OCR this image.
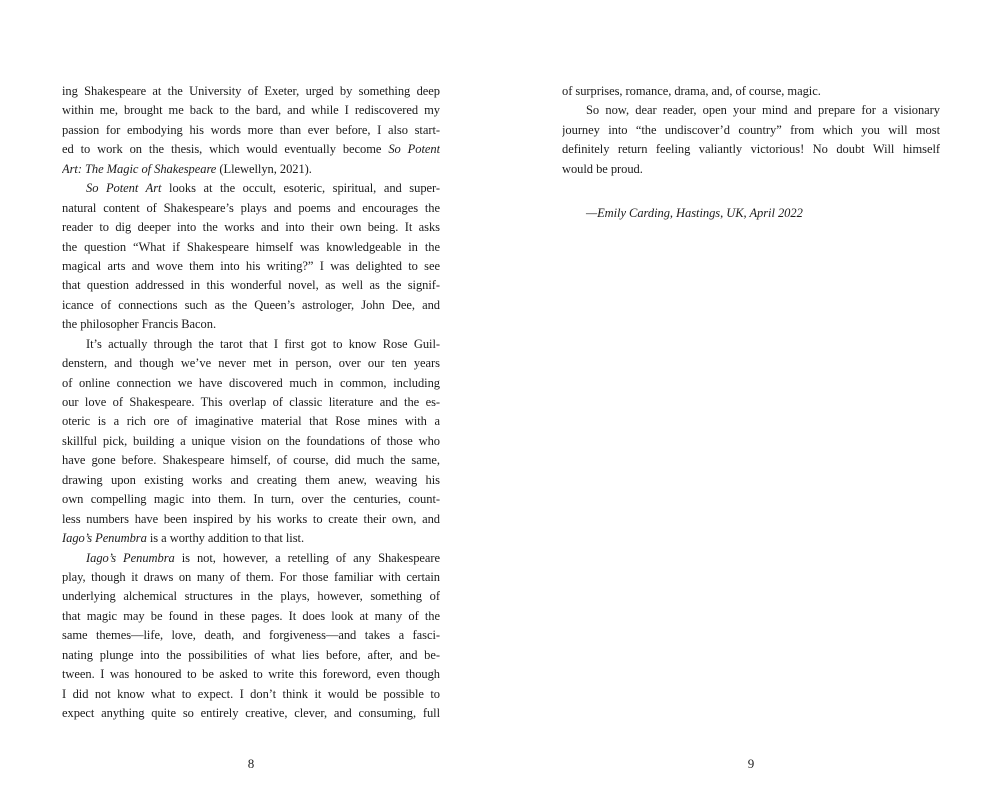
ing Shakespeare at the University of Exeter, urged by something deep
within me, brought me back to the bard, and while I rediscovered my
passion for embodying his words more than ever before, I also start-
ed to work on the thesis, which would eventually become So Potent
Art: The Magic of Shakespeare (Llewellyn, 2021).
So Potent Art looks at the occult, esoteric, spiritual, and super-
natural content of Shakespeare’s plays and poems and encourages the
reader to dig deeper into the works and into their own being. It asks
the question “What if Shakespeare himself was knowledgeable in the
magical arts and wove them into his writing?” I was delighted to see
that question addressed in this wonderful novel, as well as the signif-
icance of connections such as the Queen’s astrologer, John Dee, and
the philosopher Francis Bacon.
It’s actually through the tarot that I first got to know Rose Guil-
denstern, and though we’ve never met in person, over our ten years
of online connection we have discovered much in common, including
our love of Shakespeare. This overlap of classic literature and the es-
oteric is a rich ore of imaginative material that Rose mines with a
skillful pick, building a unique vision on the foundations of those who
have gone before. Shakespeare himself, of course, did much the same,
drawing upon existing works and creating them anew, weaving his
own compelling magic into them. In turn, over the centuries, count-
less numbers have been inspired by his works to create their own, and
Iago’s Penumbra is a worthy addition to that list.
Iago’s Penumbra is not, however, a retelling of any Shakespeare
play, though it draws on many of them. For those familiar with certain
underlying alchemical structures in the plays, however, something of
that magic may be found in these pages. It does look at many of the
same themes—life, love, death, and forgiveness—and takes a fasci-
nating plunge into the possibilities of what lies before, after, and be-
tween. I was honoured to be asked to write this foreword, even though
I did not know what to expect. I don’t think it would be possible to
expect anything quite so entirely creative, clever, and consuming, full
8
of surprises, romance, drama, and, of course, magic.
So now, dear reader, open your mind and prepare for a visionary
journey into “the undiscover’d country” from which you will most
definitely return feeling valiantly victorious! No doubt Will himself
would be proud.
—Emily Carding, Hastings, UK, April 2022
9
